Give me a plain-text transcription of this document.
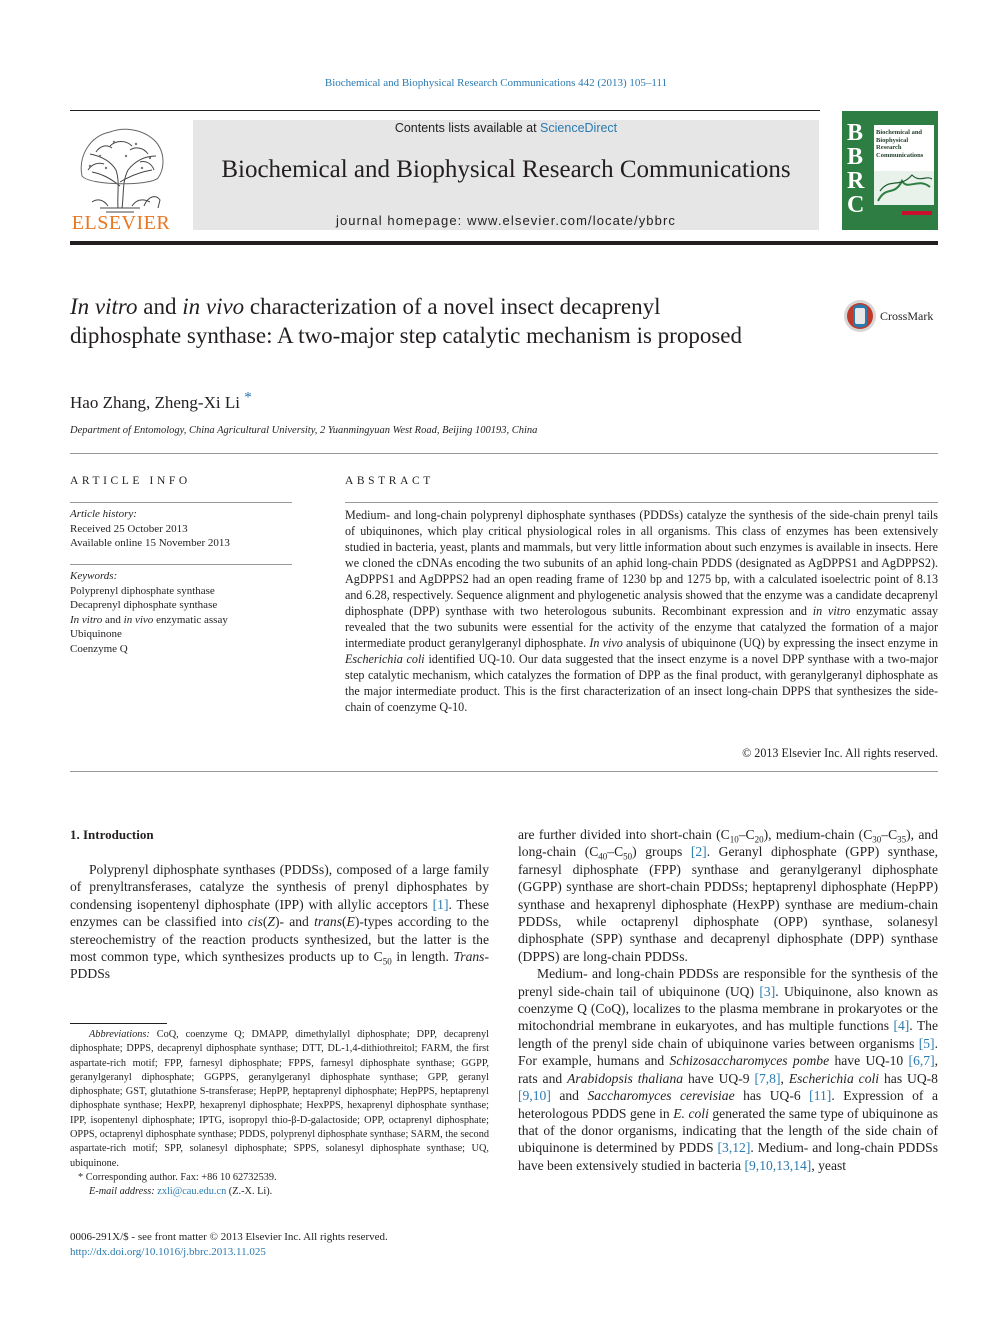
Biochemical and Biophysical Research Communications 442 (2013) 105–111
ELSEVIER
Contents lists available at ScienceDirect
Biochemical and Biophysical Research Communications
journal homepage: www.elsevier.com/locate/ybbrc
B
B
R
C
Biochemical and Biophysical Research Communications
In vitro and in vivo characterization of a novel insect decaprenyl diphosphate synthase: A two-major step catalytic mechanism is proposed
CrossMark
Hao Zhang, Zheng-Xi Li *
Department of Entomology, China Agricultural University, 2 Yuanmingyuan West Road, Beijing 100193, China
ARTICLE INFO
Article history:
Received 25 October 2013
Available online 15 November 2013
Keywords:
Polyprenyl diphosphate synthase
Decaprenyl diphosphate synthase
In vitro and in vivo enzymatic assay
Ubiquinone
Coenzyme Q
ABSTRACT
Medium- and long-chain polyprenyl diphosphate synthases (PDDSs) catalyze the synthesis of the side-chain prenyl tails of ubiquinones, which play critical physiological roles in all organisms. This class of enzymes has been extensively studied in bacteria, yeast, plants and mammals, but very little information about such enzymes is available in insects. Here we cloned the cDNAs encoding the two subunits of an aphid long-chain PDDS (designated as AgDPPS1 and AgDPPS2). AgDPPS1 and AgDPPS2 had an open reading frame of 1230 bp and 1275 bp, with a calculated isoelectric point of 8.13 and 6.28, respectively. Sequence alignment and phylogenetic analysis showed that the enzyme was a candidate decaprenyl diphosphate (DPP) synthase with two heterologous subunits. Recombinant expression and in vitro enzymatic assay revealed that the two subunits were essential for the activity of the enzyme that catalyzed the formation of a major intermediate product geranylgeranyl diphosphate. In vivo analysis of ubiquinone (UQ) by expressing the insect enzyme in Escherichia coli identified UQ-10. Our data suggested that the insect enzyme is a novel DPP synthase with a two-major step catalytic mechanism, which catalyzes the formation of DPP as the final product, with geranylgeranyl diphosphate as the major intermediate product. This is the first characterization of an insect long-chain DPPS that synthesizes the side-chain of coenzyme Q-10.
© 2013 Elsevier Inc. All rights reserved.
1. Introduction

Polyprenyl diphosphate synthases (PDDSs), composed of a large family of prenyltransferases, catalyze the synthesis of prenyl diphosphates by condensing isopentenyl diphosphate (IPP) with allylic acceptors [1]. These enzymes can be classified into cis(Z)- and trans(E)-types according to the stereochemistry of the reaction products synthesized, but the latter is the most common type, which synthesizes products up to $C_{50}$ in length. Trans-PDDSs

are further divided into short-chain $(C_{10}-C_{20})$, medium-chain $(C_{30}-C_{35})$, and long-chain $(C_{40}-C_{50})$ groups [2]. Geranyl diphosphate (GPP) synthase, farnesyl diphosphate (FPP) synthase and geranylgeranyl diphosphate (GGPP) synthase are short-chain PDDSs; heptaprenyl diphosphate (HepPP) synthase and hexaprenyl diphosphate (HexPP) synthase are medium-chain PDDSs, while octaprenyl diphosphate (OPP) synthase, solanesyl diphosphate (SPP) synthase and decaprenyl diphosphate (DPP) synthase (DPPS) are long-chain PDDSs.

Medium- and long-chain PDDSs are responsible for the synthesis of the prenyl side-chain tail of ubiquinone (UQ) [3]. Ubiquinone, also known as coenzyme Q (CoQ), localizes to the plasma membrane in prokaryotes or the mitochondrial membrane in eukaryotes, and has multiple functions [4]. The length of the prenyl side chain of ubiquinone varies between organisms [5]. For example, humans and Schizosaccharomyces pombe have UQ-10 [6,7], rats and Arabidopsis thaliana have UQ-9 [7,8], Escherichia coli has UQ-8 [9,10] and Saccharomyces cerevisiae has UQ-6 [11]. Expression of a heterologous PDDS gene in E. coli generated the same type of ubiquinone as that of the donor organisms, indicating that the length of the side chain of ubiquinone is determined by PDDS [3,12]. Medium- and long-chain PDDSs have been extensively studied in bacteria [9,10,13,14], yeast

Abbreviations: CoQ, coenzyme Q; DMAPP, dimethylallyl diphosphate; DPP, decaprenyl diphosphate; DPPS, decaprenyl diphosphate synthase; DTT, DL-1,4-dithiothreitol; FARM, the first aspartate-rich motif; FPP, farnesyl diphosphate; FPPS, farnesyl diphosphate synthase; GGPP, geranylgeranyl diphosphate; GGPPS, geranylgeranyl diphosphate synthase; GPP, geranyl diphosphate; GST, glutathione S-transferase; HepPP, heptaprenyl diphosphate; HepPPS, heptaprenyl diphosphate synthase; HexPP, hexaprenyl diphosphate; HexPPS, hexaprenyl diphosphate synthase; IPP, isopentenyl diphosphate; IPTG, isopropyl thio-β-D-galactoside; OPP, octaprenyl diphosphate; OPPS, octaprenyl diphosphate synthase; PDDS, polyprenyl diphosphate synthase; SARM, the second aspartate-rich motif; SPP, solanesyl diphosphate; SPPS, solanesyl diphosphate synthase; UQ, ubiquinone.

* Corresponding author. Fax: +86 10 62732539.

E-mail address: zxli@cau.edu.cn (Z.-X. Li).

0006-291X/$ - see front matter © 2013 Elsevier Inc. All rights reserved.
http://dx.doi.org/10.1016/j.bbrc.2013.11.025
